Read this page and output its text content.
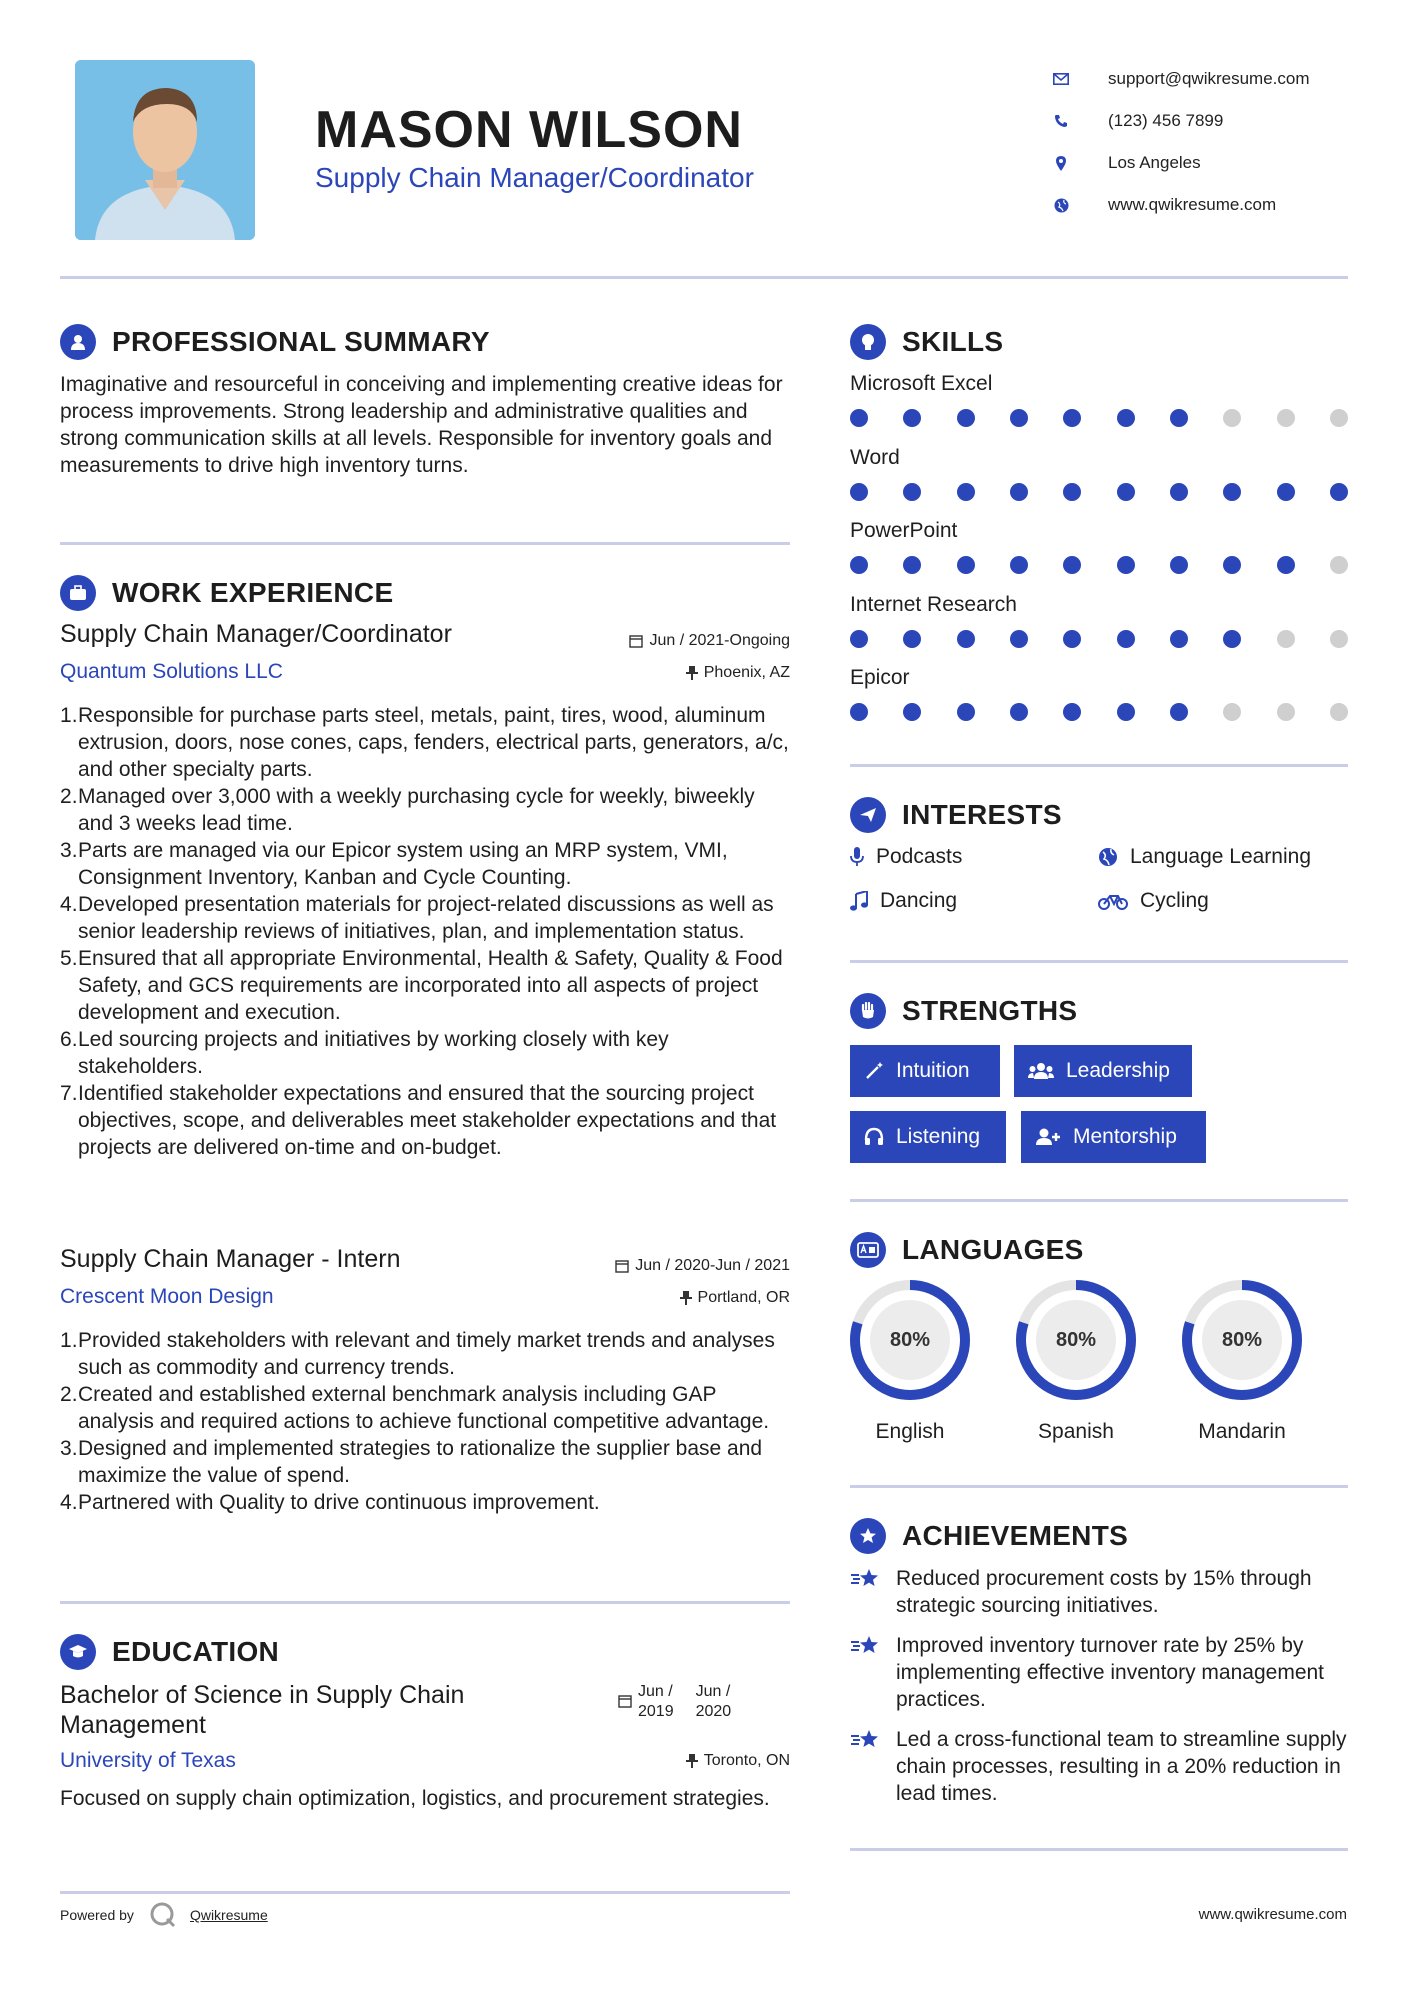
MASON WILSON
Supply Chain Manager/Coordinator
support@qwikresume.com
(123) 456 7899
Los Angeles
www.qwikresume.com
PROFESSIONAL SUMMARY
Imaginative and resourceful in conceiving and implementing creative ideas for process improvements. Strong leadership and administrative qualities and strong communication skills at all levels. Responsible for inventory goals and measurements to drive high inventory turns.
WORK EXPERIENCE
Supply Chain Manager/Coordinator	Jun / 2021-Ongoing
Quantum Solutions LLC	Phoenix, AZ
Responsible for purchase parts steel, metals, paint, tires, wood, aluminum extrusion, doors, nose cones, caps, fenders, electrical parts, generators, a/c, and other specialty parts.
Managed over 3,000 with a weekly purchasing cycle for weekly, biweekly and 3 weeks lead time.
Parts are managed via our Epicor system using an MRP system, VMI, Consignment Inventory, Kanban and Cycle Counting.
Developed presentation materials for project-related discussions as well as senior leadership reviews of initiatives, plan, and implementation status.
Ensured that all appropriate Environmental, Health & Safety, Quality & Food Safety, and GCS requirements are incorporated into all aspects of project development and execution.
Led sourcing projects and initiatives by working closely with key stakeholders.
Identified stakeholder expectations and ensured that the sourcing project objectives, scope, and deliverables meet stakeholder expectations and that projects are delivered on-time and on-budget.
Supply Chain Manager - Intern	Jun / 2020-Jun / 2021
Crescent Moon Design	Portland, OR
Provided stakeholders with relevant and timely market trends and analyses such as commodity and currency trends.
Created and established external benchmark analysis including GAP analysis and required actions to achieve functional competitive advantage.
Designed and implemented strategies to rationalize the supplier base and maximize the value of spend.
Partnered with Quality to drive continuous improvement.
EDUCATION
Bachelor of Science in Supply Chain
Management
Jun /
2019
Jun /
2020
University of Texas	Toronto, ON
Focused on supply chain optimization, logistics, and procurement strategies.
SKILLS
Microsoft Excel
Word
PowerPoint
Internet Research
Epicor
INTERESTS
Podcasts	Language Learning
Dancing	Cycling
STRENGTHS
Intuition	Leadership
Listening	Mentorship
LANGUAGES
80%
English
80%
Spanish
80%
Mandarin
ACHIEVEMENTS
Reduced procurement costs by 15% through strategic sourcing initiatives.
Improved inventory turnover rate by 25% by implementing effective inventory management practices.
Led a cross-functional team to streamline supply chain processes, resulting in a 20% reduction in lead times.
Powered by	Qwikresume	www.qwikresume.com
